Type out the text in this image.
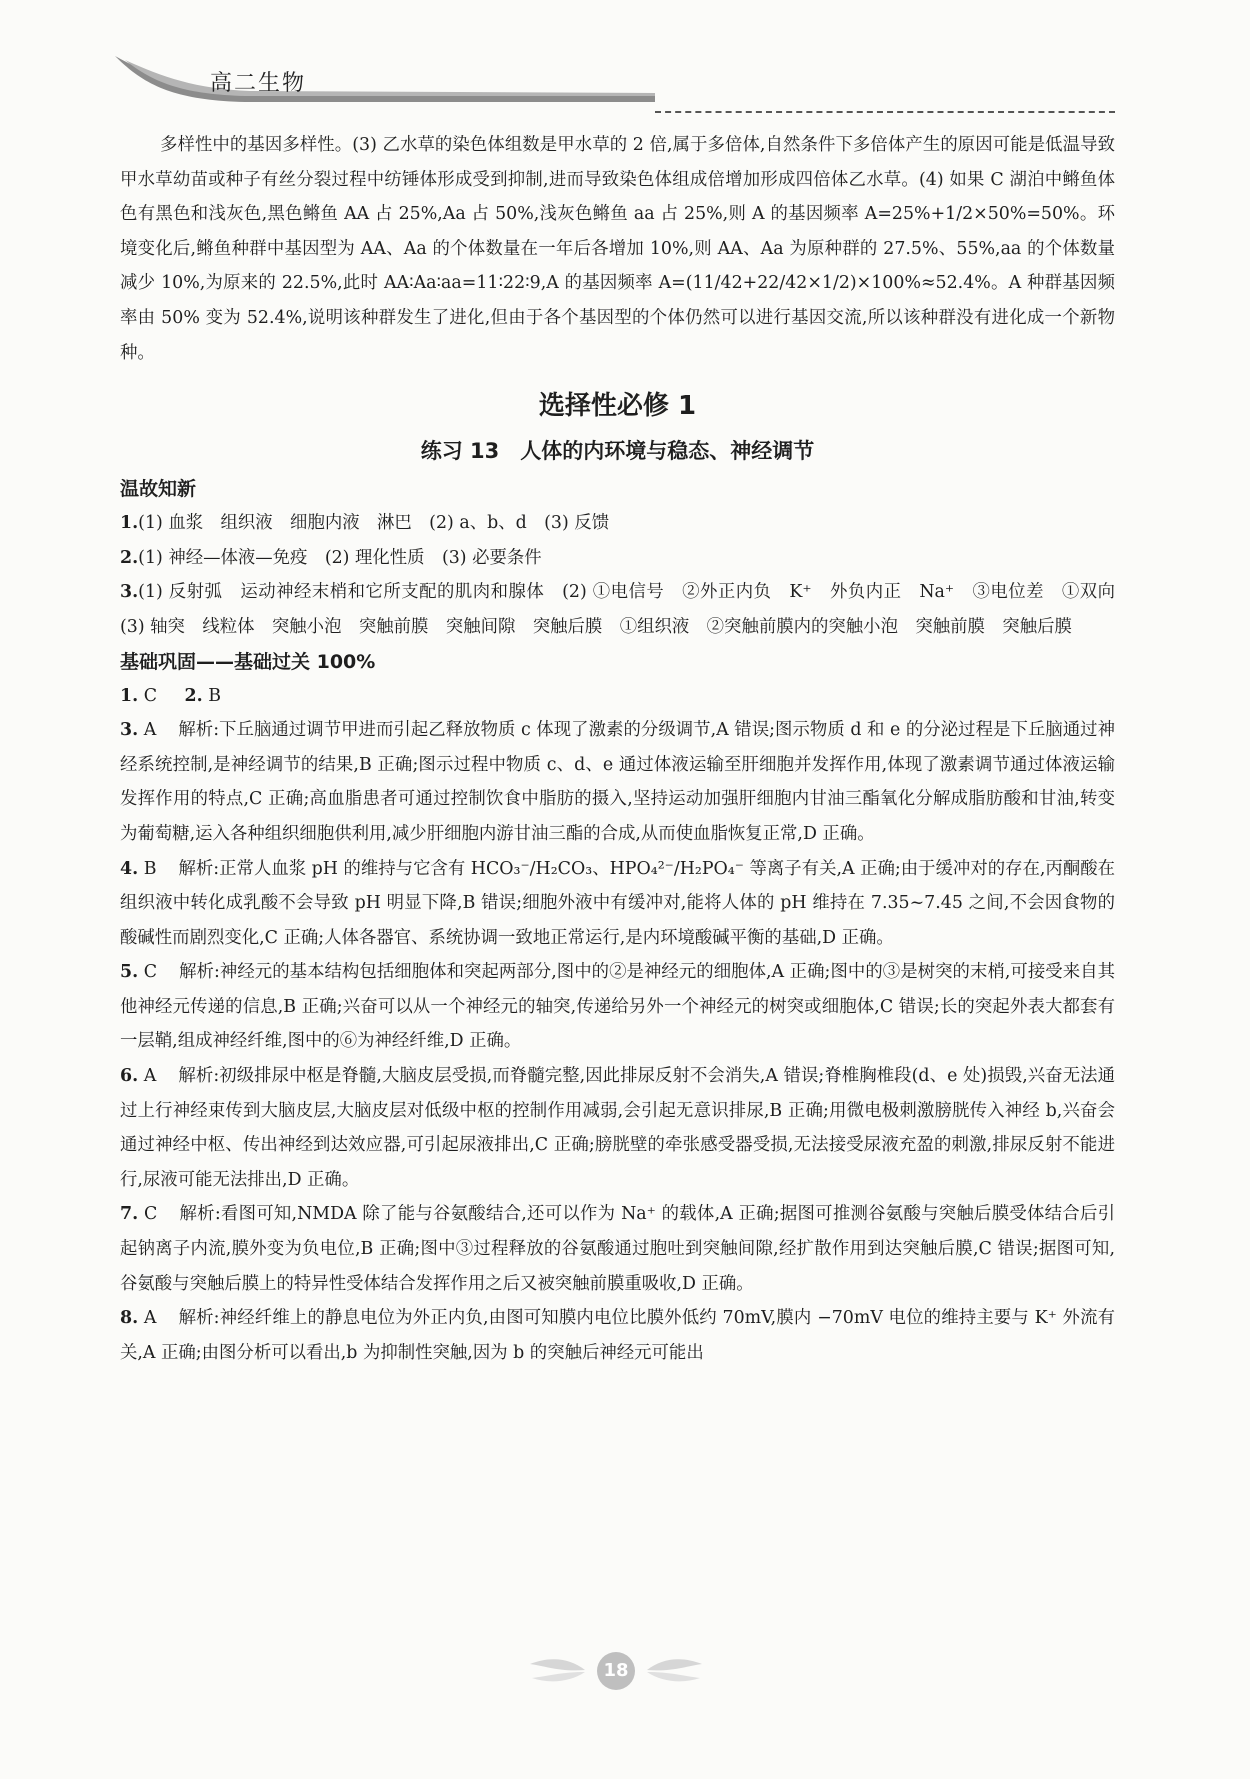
高二生物

多样性中的基因多样性。(3) 乙水草的染色体组数是甲水草的 2 倍,属于多倍体,自然条件下多倍体产生的原因可能是低温导致甲水草幼苗或种子有丝分裂过程中纺锤体形成受到抑制,进而导致染色体组成倍增加形成四倍体乙水草。(4) 如果 C 湖泊中鳉鱼体色有黑色和浅灰色,黑色鳉鱼 AA 占 25%,Aa 占 50%,浅灰色鳉鱼 aa 占 25%,则 A 的基因频率 A=25%+1/2×50%=50%。环境变化后,鳉鱼种群中基因型为 AA、Aa 的个体数量在一年后各增加 10%,则 AA、Aa 为原种群的 27.5%、55%,aa 的个体数量减少 10%,为原来的 22.5%,此时 AA∶Aa∶aa=11∶22∶9,A 的基因频率 A=(11/42+22/42×1/2)×100%≈52.4%。A 种群基因频率由 50% 变为 52.4%,说明该种群发生了进化,但由于各个基因型的个体仍然可以进行基因交流,所以该种群没有进化成一个新物种。

选择性必修 1
练习 13　人体的内环境与稳态、神经调节
温故知新

1.(1) 血浆　组织液　细胞内液　淋巴　(2) a、b、d　(3) 反馈

2.(1) 神经—体液—免疫　(2) 理化性质　(3) 必要条件

3.(1) 反射弧　运动神经末梢和它所支配的肌肉和腺体　(2) ①电信号　②外正内负　K⁺　外负内正　Na⁺　③电位差　①双向　(3) 轴突　线粒体　突触小泡　突触前膜　突触间隙　突触后膜　①组织液　②突触前膜内的突触小泡　突触前膜　突触后膜

基础巩固——基础过关 100%

1. C 2. B

3. A 解析:下丘脑通过调节甲进而引起乙释放物质 c 体现了激素的分级调节,A 错误;图示物质 d 和 e 的分泌过程是下丘脑通过神经系统控制,是神经调节的结果,B 正确;图示过程中物质 c、d、e 通过体液运输至肝细胞并发挥作用,体现了激素调节通过体液运输发挥作用的特点,C 正确;高血脂患者可通过控制饮食中脂肪的摄入,坚持运动加强肝细胞内甘油三酯氧化分解成脂肪酸和甘油,转变为葡萄糖,运入各种组织细胞供利用,减少肝细胞内游甘油三酯的合成,从而使血脂恢复正常,D 正确。

4. B 解析:正常人血浆 pH 的维持与它含有 HCO₃⁻/H₂CO₃、HPO₄²⁻/H₂PO₄⁻ 等离子有关,A 正确;由于缓冲对的存在,丙酮酸在组织液中转化成乳酸不会导致 pH 明显下降,B 错误;细胞外液中有缓冲对,能将人体的 pH 维持在 7.35~7.45 之间,不会因食物的酸碱性而剧烈变化,C 正确;人体各器官、系统协调一致地正常运行,是内环境酸碱平衡的基础,D 正确。

5. C 解析:神经元的基本结构包括细胞体和突起两部分,图中的②是神经元的细胞体,A 正确;图中的③是树突的末梢,可接受来自其他神经元传递的信息,B 正确;兴奋可以从一个神经元的轴突,传递给另外一个神经元的树突或细胞体,C 错误;长的突起外表大都套有一层鞘,组成神经纤维,图中的⑥为神经纤维,D 正确。

6. A 解析:初级排尿中枢是脊髓,大脑皮层受损,而脊髓完整,因此排尿反射不会消失,A 错误;脊椎胸椎段(d、e 处)损毁,兴奋无法通过上行神经束传到大脑皮层,大脑皮层对低级中枢的控制作用减弱,会引起无意识排尿,B 正确;用微电极刺激膀胱传入神经 b,兴奋会通过神经中枢、传出神经到达效应器,可引起尿液排出,C 正确;膀胱壁的牵张感受器受损,无法接受尿液充盈的刺激,排尿反射不能进行,尿液可能无法排出,D 正确。

7. C 解析:看图可知,NMDA 除了能与谷氨酸结合,还可以作为 Na⁺ 的载体,A 正确;据图可推测谷氨酸与突触后膜受体结合后引起钠离子内流,膜外变为负电位,B 正确;图中③过程释放的谷氨酸通过胞吐到突触间隙,经扩散作用到达突触后膜,C 错误;据图可知,谷氨酸与突触后膜上的特异性受体结合发挥作用之后又被突触前膜重吸收,D 正确。

8. A 解析:神经纤维上的静息电位为外正内负,由图可知膜内电位比膜外低约 70mV,膜内 −70mV 电位的维持主要与 K⁺ 外流有关,A 正确;由图分析可以看出,b 为抑制性突触,因为 b 的突触后神经元可能出

18
